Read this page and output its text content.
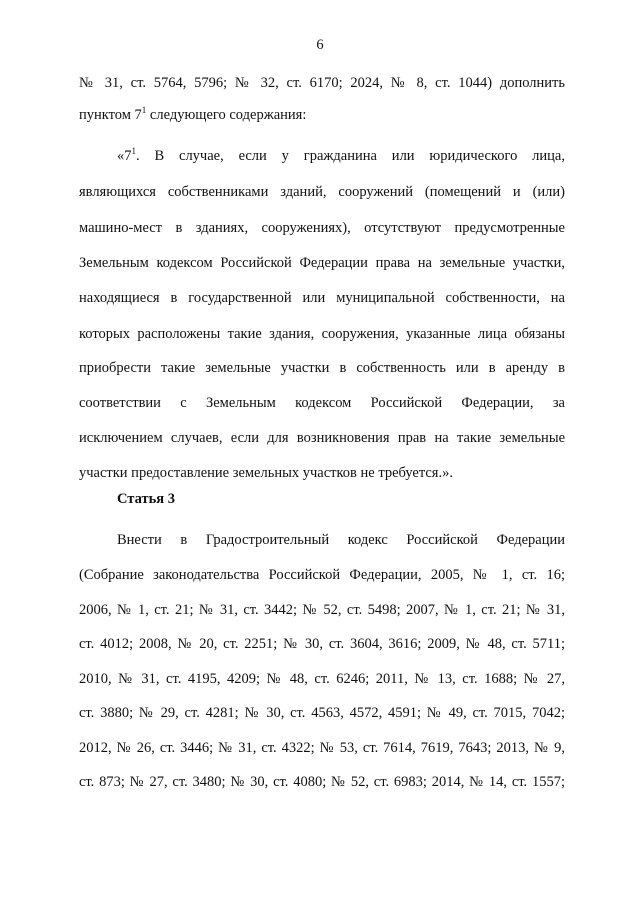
6
№ 31, ст. 5764, 5796; № 32, ст. 6170; 2024, № 8, ст. 1044) дополнить
пунктом $7^1$ следующего содержания:
«$7^1$. В случае, если у гражданина или юридического лица,
являющихся собственниками зданий, сооружений (помещений и (или)
машино-мест в зданиях, сооружениях), отсутствуют предусмотренные
Земельным кодексом Российской Федерации права на земельные участки,
находящиеся в государственной или муниципальной собственности, на
которых расположены такие здания, сооружения, указанные лица обязаны
приобрести такие земельные участки в собственность или в аренду в
соответствии с Земельным кодексом Российской Федерации, за
исключением случаев, если для возникновения прав на такие земельные
участки предоставление земельных участков не требуется.».
Статья 3
Внести в Градостроительный кодекс Российской Федерации
(Собрание законодательства Российской Федерации, 2005, № 1, ст. 16;
2006, № 1, ст. 21; № 31, ст. 3442; № 52, ст. 5498; 2007, № 1, ст. 21; № 31,
ст. 4012; 2008, № 20, ст. 2251; № 30, ст. 3604, 3616; 2009, № 48, ст. 5711;
2010, № 31, ст. 4195, 4209; № 48, ст. 6246; 2011, № 13, ст. 1688; № 27,
ст. 3880; № 29, ст. 4281; № 30, ст. 4563, 4572, 4591; № 49, ст. 7015, 7042;
2012, № 26, ст. 3446; № 31, ст. 4322; № 53, ст. 7614, 7619, 7643; 2013, № 9,
ст. 873; № 27, ст. 3480; № 30, ст. 4080; № 52, ст. 6983; 2014, № 14, ст. 1557;
